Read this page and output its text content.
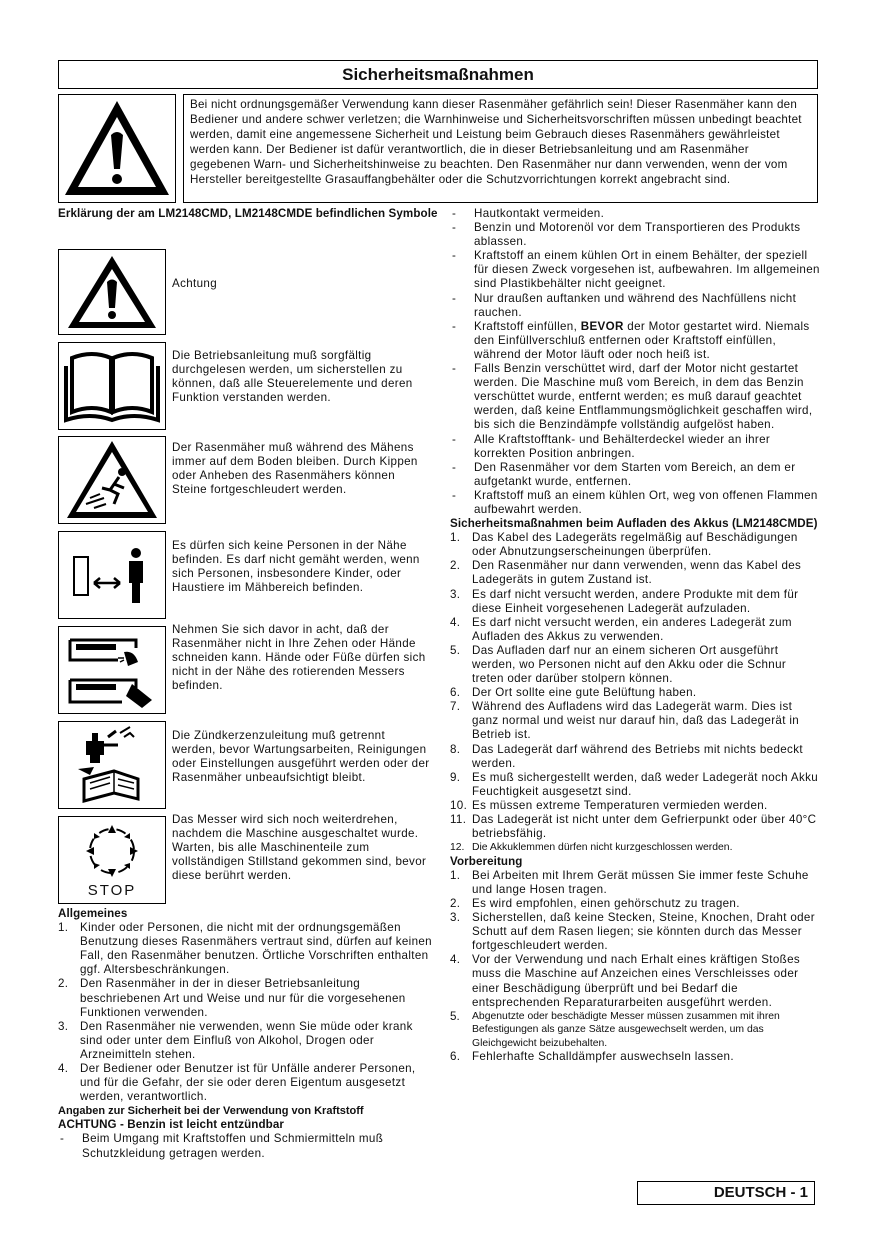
Sicherheitsmaßnahmen
Bei nicht ordnungsgemäßer Verwendung kann dieser Rasenmäher gefährlich sein! Dieser Rasenmäher kann den Bediener und andere schwer verletzen; die Warnhinweise und Sicherheitsvorschriften müssen unbedingt beachtet werden, damit eine angemessene Sicherheit und Leistung beim Gebrauch dieses Rasenmähers gewährleistet werden kann. Der Bediener ist dafür verantwortlich, die in dieser Betriebsanleitung und am Rasenmäher gegebenen Warn- und Sicherheitshinweise zu beachten. Den Rasenmäher nur dann verwenden, wenn der vom Hersteller bereitgestellte Grasauffangbehälter oder die Schutzvorrichtungen korrekt angebracht sind.
Erklärung der am LM2148CMD, LM2148CMDE befindlichen Symbole
Achtung
Die Betriebsanleitung muß sorgfältig durchgelesen werden, um sicherstellen zu können, daß alle Steuerelemente und deren Funktion verstanden werden.
Der Rasenmäher muß während des Mähens immer auf dem Boden bleiben. Durch Kippen oder Anheben des Rasenmähers können Steine fortgeschleudert werden.
Es dürfen sich keine Personen in der Nähe befinden. Es darf nicht gemäht werden, wenn sich Personen, insbesondere Kinder, oder Haustiere im Mähbereich befinden.
Nehmen Sie sich davor in acht, daß der Rasenmäher nicht in Ihre Zehen oder Hände schneiden kann. Hände oder Füße dürfen sich nicht in der Nähe des rotierenden Messers befinden.
Die Zündkerzenzuleitung muß getrennt werden, bevor Wartungsarbeiten, Reinigungen oder Einstellungen ausgeführt werden oder der Rasenmäher unbeaufsichtigt bleibt.
STOP
Das Messer wird sich noch weiterdrehen, nachdem die Maschine ausgeschaltet wurde.
Warten, bis alle Maschinenteile zum vollständigen Stillstand gekommen sind, bevor diese berührt werden.
Allgemeines
1.	Kinder oder Personen, die nicht mit der ordnungsgemäßen Benutzung dieses Rasenmähers vertraut sind, dürfen auf keinen Fall, den Rasenmäher benutzen. Örtliche Vorschriften enthalten ggf. Altersbeschränkungen.
2.	Den Rasenmäher in der in dieser Betriebsanleitung beschriebenen Art und Weise und nur für die vorgesehenen Funktionen verwenden.
3.	Den Rasenmäher nie verwenden, wenn Sie müde oder krank sind oder unter dem Einfluß von Alkohol, Drogen oder Arzneimitteln stehen.
4.	Der Bediener oder Benutzer ist für Unfälle anderer Personen, und für die Gefahr, der sie oder deren Eigentum ausgesetzt werden, verantwortlich.
Angaben zur Sicherheit bei der Verwendung von Kraftstoff
ACHTUNG - Benzin ist leicht entzündbar
-	Beim Umgang mit Kraftstoffen und Schmiermitteln muß Schutzkleidung getragen werden.
-	Hautkontakt vermeiden.
-	Benzin und Motorenöl vor dem Transportieren des Produkts ablassen.
-	Kraftstoff an einem kühlen Ort in einem Behälter, der speziell für diesen Zweck vorgesehen ist, aufbewahren. Im allgemeinen sind Plastikbehälter nicht geeignet.
-	Nur draußen auftanken und während des Nachfüllens nicht rauchen.
-	Kraftstoff einfüllen, BEVOR der Motor gestartet wird. Niemals den Einfüllverschluß entfernen oder Kraftstoff einfüllen, während der Motor läuft oder noch heiß ist.
-	Falls Benzin verschüttet wird, darf der Motor nicht gestartet werden. Die Maschine muß vom Bereich, in dem das Benzin verschüttet wurde, entfernt werden; es muß darauf geachtet werden, daß keine Entflammungsmöglichkeit geschaffen wird, bis sich die Benzindämpfe vollständig aufgelöst haben.
-	Alle Kraftstofftank- und Behälterdeckel wieder an ihrer korrekten Position anbringen.
-	Den Rasenmäher vor dem Starten vom Bereich, an dem er aufgetankt wurde, entfernen.
-	Kraftstoff muß an einem kühlen Ort, weg von offenen Flammen aufbewahrt werden.
Sicherheitsmaßnahmen beim Aufladen des Akkus (LM2148CMDE)
1.	Das Kabel des Ladegeräts regelmäßig auf Beschädigungen oder Abnutzungserscheinungen überprüfen.
2.	Den Rasenmäher nur dann verwenden, wenn das Kabel des Ladegeräts in gutem Zustand ist.
3.	Es darf nicht versucht werden, andere Produkte mit dem für diese Einheit vorgesehenen Ladegerät aufzuladen.
4.	Es darf nicht versucht werden, ein anderes Ladegerät zum Aufladen des Akkus zu verwenden.
5.	Das Aufladen darf nur an einem sicheren Ort ausgeführt werden, wo Personen nicht auf den Akku oder die Schnur treten oder darüber stolpern können.
6.	Der Ort sollte eine gute Belüftung haben.
7.	Während des Aufladens wird das Ladegerät warm. Dies ist ganz normal und weist nur darauf hin, daß das Ladegerät in Betrieb ist.
8.	Das Ladegerät darf während des Betriebs mit nichts bedeckt werden.
9.	Es muß sichergestellt werden, daß weder Ladegerät noch Akku Feuchtigkeit ausgesetzt sind.
10. Es müssen extreme Temperaturen vermieden werden.
11. Das Ladegerät ist nicht unter dem Gefrierpunkt oder über 40°C betriebsfähig.
12. Die Akkuklemmen dürfen nicht kurzgeschlossen werden.
Vorbereitung
1.	Bei Arbeiten mit Ihrem Gerät müssen Sie immer feste Schuhe und lange Hosen tragen.
2.	Es wird empfohlen, einen gehörschutz zu tragen.
3.	Sicherstellen, daß keine Stecken, Steine, Knochen, Draht oder Schutt auf dem Rasen liegen; sie könnten durch das Messer fortgeschleudert werden.
4.	Vor der Verwendung und nach Erhalt eines kräftigen Stoßes muss die Maschine auf Anzeichen eines Verschleisses oder einer Beschädigung überprüft und bei Bedarf die entsprechenden Reparaturarbeiten ausgeführt werden.
5.	Abgenutzte oder beschädigte Messer müssen zusammen mit ihren Befestigungen als ganze Sätze ausgewechselt werden, um das Gleichgewicht beizubehalten.
6.	Fehlerhafte Schalldämpfer auswechseln lassen.
DEUTSCH - 1
